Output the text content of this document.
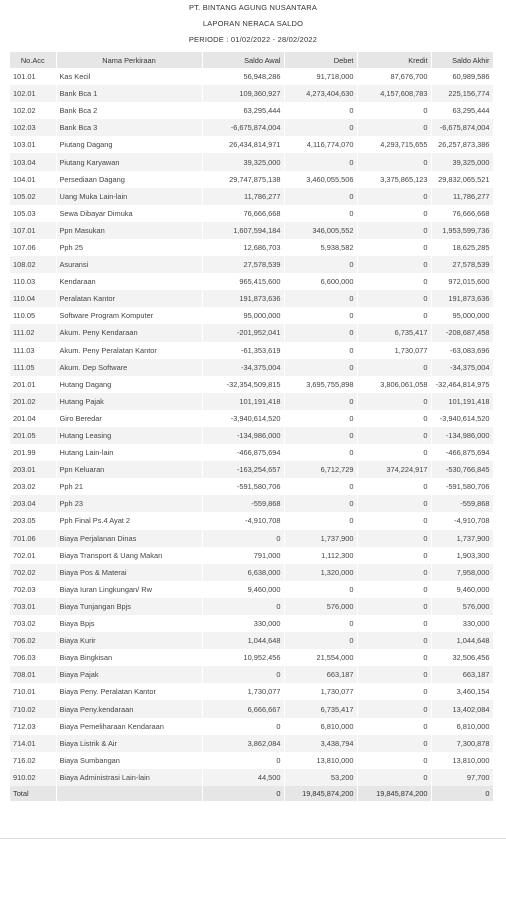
PT. BINTANG AGUNG NUSANTARA
LAPORAN NERACA SALDO
PERIODE : 01/02/2022 - 28/02/2022
No.Acc	Nama Perkiraan	Saldo Awal	Debet	Kredit	Saldo Akhir
101.01	Kas Kecil	56,948,286	91,718,000	87,676,700	60,989,586
102.01	Bank Bca 1	109,360,927	4,273,404,630	4,157,608,783	225,156,774
102.02	Bank Bca 2	63,295,444	0	0	63,295,444
102.03	Bank Bca 3	-6,675,874,004	0	0	-6,675,874,004
103.01	Piutang Dagang	26,434,814,971	4,116,774,070	4,293,715,655	26,257,873,386
103.04	Piutang Karyawan	39,325,000	0	0	39,325,000
104.01	Persediaan Dagang	29,747,875,138	3,460,055,506	3,375,865,123	29,832,065,521
105.02	Uang Muka Lain-lain	11,786,277	0	0	11,786,277
105.03	Sewa Dibayar Dimuka	76,666,668	0	0	76,666,668
107.01	Ppn Masukan	1,607,594,184	346,005,552	0	1,953,599,736
107.06	Pph 25	12,686,703	5,938,582	0	18,625,285
108.02	Asuransi	27,578,539	0	0	27,578,539
110.03	Kendaraan	965,415,600	6,600,000	0	972,015,600
110.04	Peralatan Kantor	191,873,636	0	0	191,873,636
110.05	Software Program Komputer	95,000,000	0	0	95,000,000
111.02	Akum. Peny Kendaraan	-201,952,041	0	6,735,417	-208,687,458
111.03	Akum. Peny Peralatan Kantor	-61,353,619	0	1,730,077	-63,083,696
111.05	Akum. Dep Software	-34,375,004	0	0	-34,375,004
201.01	Hutang Dagang	-32,354,509,815	3,695,755,898	3,806,061,058	-32,464,814,975
201.02	Hutang Pajak	101,191,418	0	0	101,191,418
201.04	Giro Beredar	-3,940,614,520	0	0	-3,940,614,520
201.05	Hutang Leasing	-134,986,000	0	0	-134,986,000
201.99	Hutang Lain-lain	-466,875,694	0	0	-466,875,694
203.01	Ppn Keluaran	-163,254,657	6,712,729	374,224,917	-530,766,845
203.02	Pph 21	-591,580,706	0	0	-591,580,706
203.04	Pph 23	-559,868	0	0	-559,868
203.05	Pph Final Ps.4 Ayat 2	-4,910,708	0	0	-4,910,708
701.06	Biaya Perjalanan Dinas	0	1,737,900	0	1,737,900
702.01	Biaya Transport & Uang Makan	791,000	1,112,300	0	1,903,300
702.02	Biaya Pos & Materai	6,638,000	1,320,000	0	7,958,000
702.03	Biaya Iuran Lingkungan/ Rw	9,460,000	0	0	9,460,000
703.01	Biaya Tunjangan Bpjs	0	576,000	0	576,000
703.02	Biaya Bpjs	330,000	0	0	330,000
706.02	Biaya Kurir	1,044,648	0	0	1,044,648
706.03	Biaya Bingkisan	10,952,456	21,554,000	0	32,506,456
708.01	Biaya Pajak	0	663,187	0	663,187
710.01	Biaya Peny. Peralatan Kantor	1,730,077	1,730,077	0	3,460,154
710.02	Biaya Peny.kendaraan	6,666,667	6,735,417	0	13,402,084
712.03	Biaya Pemeliharaan Kendaraan	0	6,810,000	0	6,810,000
714.01	Biaya Listrik & Air	3,862,084	3,438,794	0	7,300,878
716.02	Biaya Sumbangan	0	13,810,000	0	13,810,000
910.02	Biaya Administrasi Lain-lain	44,500	53,200	0	97,700
Total		0	19,845,874,200	19,845,874,200	0
